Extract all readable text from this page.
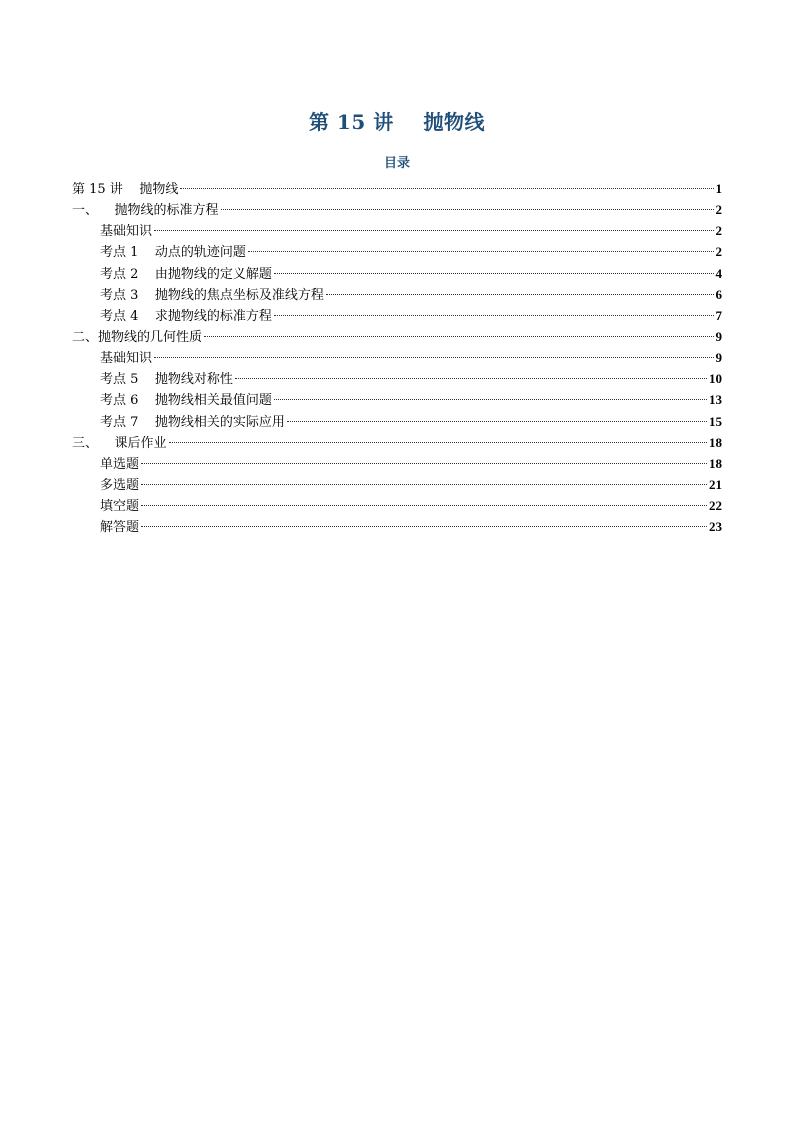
第 15 讲    抛物线
目录
第 15 讲    抛物线	1
一、    抛物线的标准方程	2
基础知识	2
考点 1    动点的轨迹问题	2
考点 2    由抛物线的定义解题	4
考点 3    抛物线的焦点坐标及准线方程	6
考点 4    求抛物线的标准方程	7
二、抛物线的几何性质	9
基础知识	9
考点 5    抛物线对称性	10
考点 6    抛物线相关最值问题	13
考点 7    抛物线相关的实际应用	15
三、    课后作业	18
单选题	18
多选题	21
填空题	22
解答题	23
